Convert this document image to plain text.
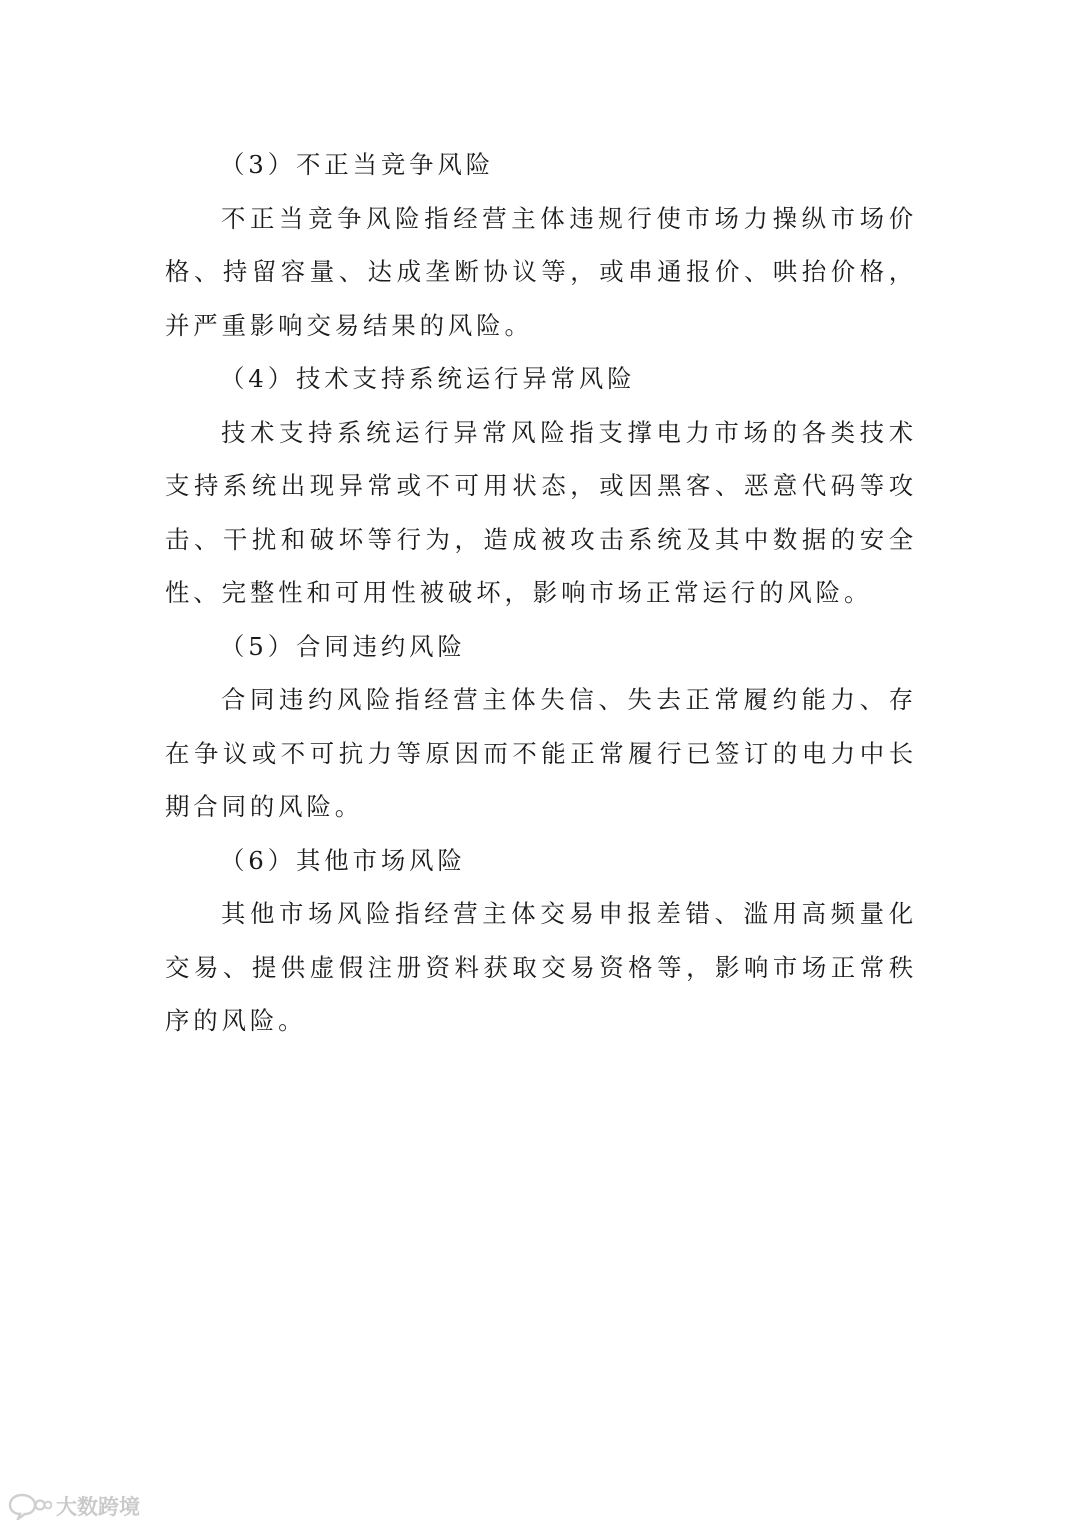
（3）不正当竞争风险

不正当竞争风险指经营主体违规行使市场力操纵市场价格、持留容量、达成垄断协议等，或串通报价、哄抬价格，并严重影响交易结果的风险。

（4）技术支持系统运行异常风险

技术支持系统运行异常风险指支撑电力市场的各类技术支持系统出现异常或不可用状态，或因黑客、恶意代码等攻击、干扰和破坏等行为，造成被攻击系统及其中数据的安全性、完整性和可用性被破坏，影响市场正常运行的风险。

（5）合同违约风险

合同违约风险指经营主体失信、失去正常履约能力、存在争议或不可抗力等原因而不能正常履行已签订的电力中长期合同的风险。

（6）其他市场风险

其他市场风险指经营主体交易申报差错、滥用高频量化交易、提供虚假注册资料获取交易资格等，影响市场正常秩序的风险。

大数跨境
